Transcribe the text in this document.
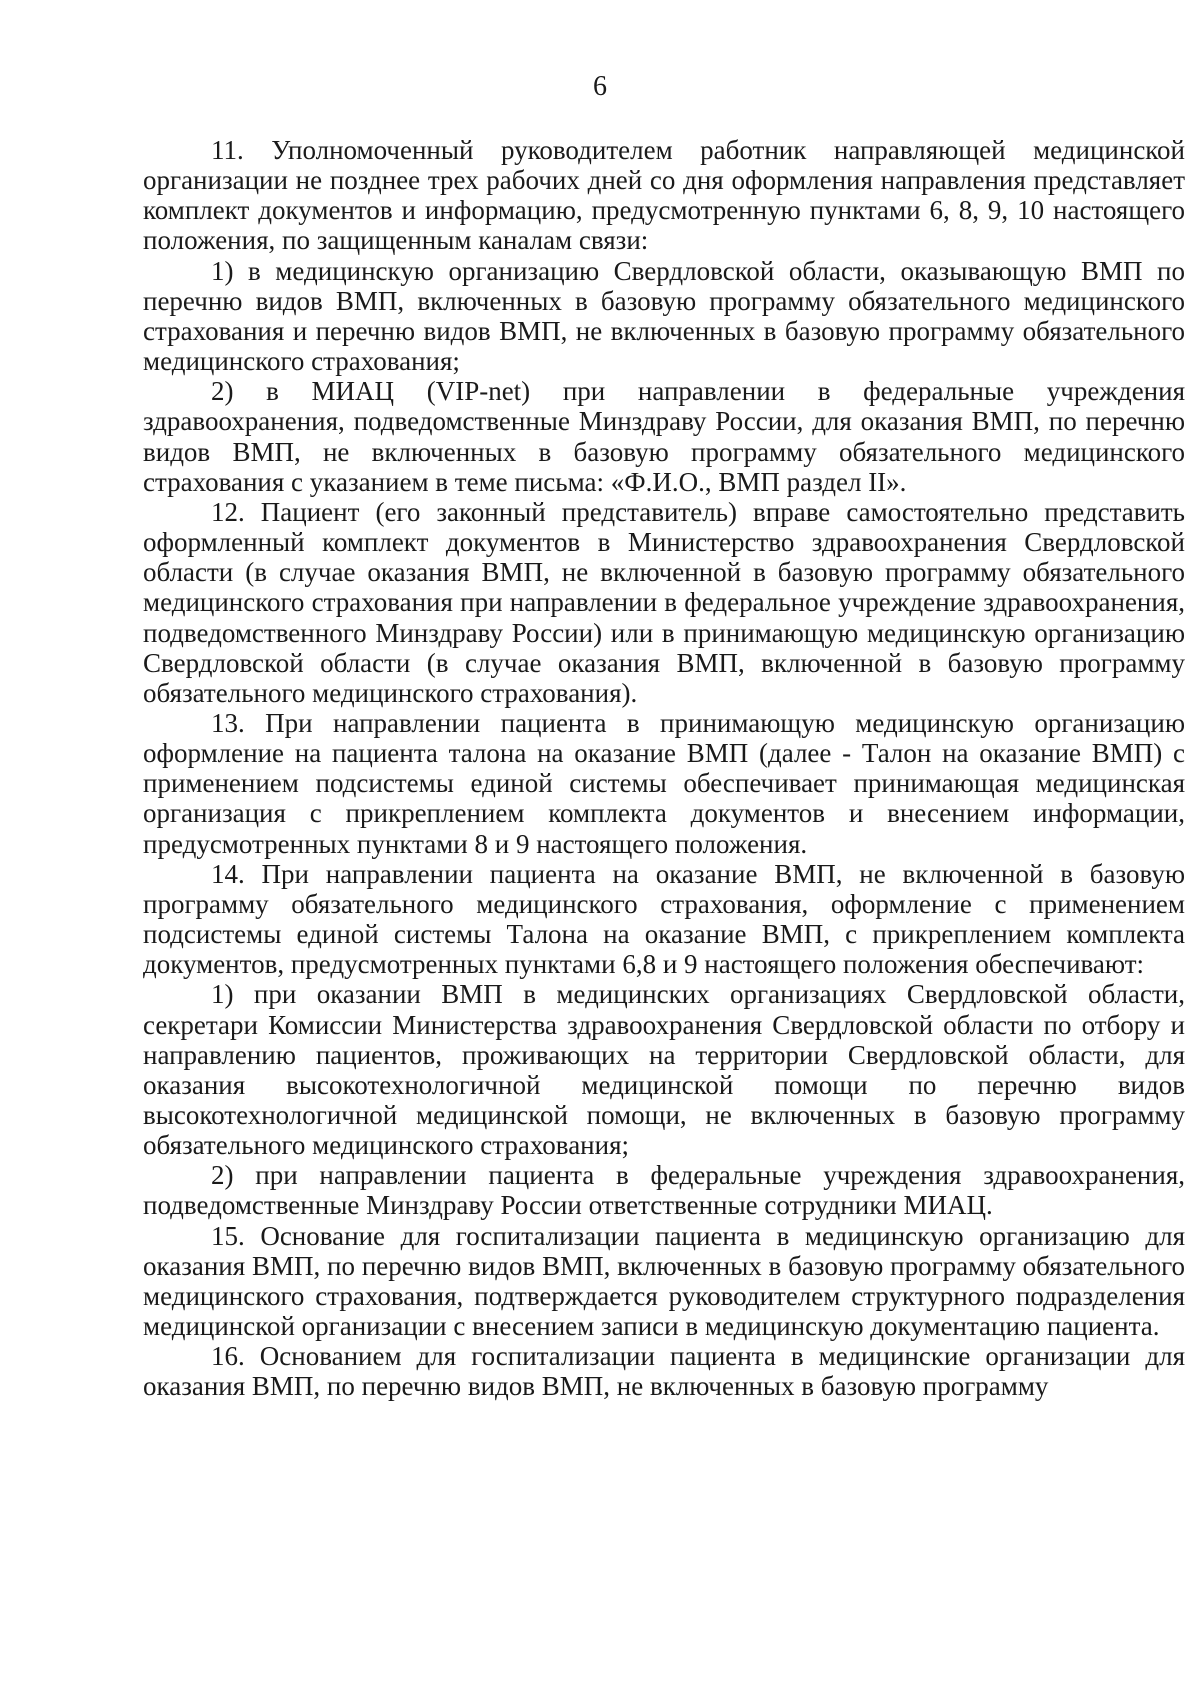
6

11. Уполномоченный руководителем работник направляющей медицинской организации не позднее трех рабочих дней со дня оформления направления представляет комплект документов и информацию, предусмотренную пунктами 6, 8, 9, 10 настоящего положения, по защищенным каналам связи:

1) в медицинскую организацию Свердловской области, оказывающую ВМП по перечню видов ВМП, включенных в базовую программу обязательного медицинского страхования и перечню видов ВМП, не включенных в базовую программу обязательного медицинского страхования;

2) в МИАЦ (VIP-net) при направлении в федеральные учреждения здравоохранения, подведомственные Минздраву России, для оказания ВМП, по перечню видов ВМП, не включенных в базовую программу обязательного медицинского страхования с указанием в теме письма: «Ф.И.О., ВМП раздел II».

12. Пациент (его законный представитель) вправе самостоятельно представить оформленный комплект документов в Министерство здравоохранения Свердловской области (в случае оказания ВМП, не включенной в базовую программу обязательного медицинского страхования при направлении в федеральное учреждение здравоохранения, подведомственного Минздраву России) или в принимающую медицинскую организацию Свердловской области (в случае оказания ВМП, включенной в базовую программу обязательного медицинского страхования).

13. При направлении пациента в принимающую медицинскую организацию оформление на пациента талона на оказание ВМП (далее - Талон на оказание ВМП) с применением подсистемы единой системы обеспечивает принимающая медицинская организация с прикреплением комплекта документов и внесением информации, предусмотренных пунктами 8 и 9 настоящего положения.

14. При направлении пациента на оказание ВМП, не включенной в базовую программу обязательного медицинского страхования, оформление с применением подсистемы единой системы Талона на оказание ВМП, с прикреплением комплекта документов, предусмотренных пунктами 6,8 и 9 настоящего положения обеспечивают:

1) при оказании ВМП в медицинских организациях Свердловской области, секретари Комиссии Министерства здравоохранения Свердловской области по отбору и направлению пациентов, проживающих на территории Свердловской области, для оказания высокотехнологичной медицинской помощи по перечню видов высокотехнологичной медицинской помощи, не включенных в базовую программу обязательного медицинского страхования;

2) при направлении пациента в федеральные учреждения здравоохранения, подведомственные Минздраву России ответственные сотрудники МИАЦ.

15. Основание для госпитализации пациента в медицинскую организацию для оказания ВМП, по перечню видов ВМП, включенных в базовую программу обязательного медицинского страхования, подтверждается руководителем структурного подразделения медицинской организации с внесением записи в медицинскую документацию пациента.

16. Основанием для госпитализации пациента в медицинские организации для оказания ВМП, по перечню видов ВМП, не включенных в базовую программу
